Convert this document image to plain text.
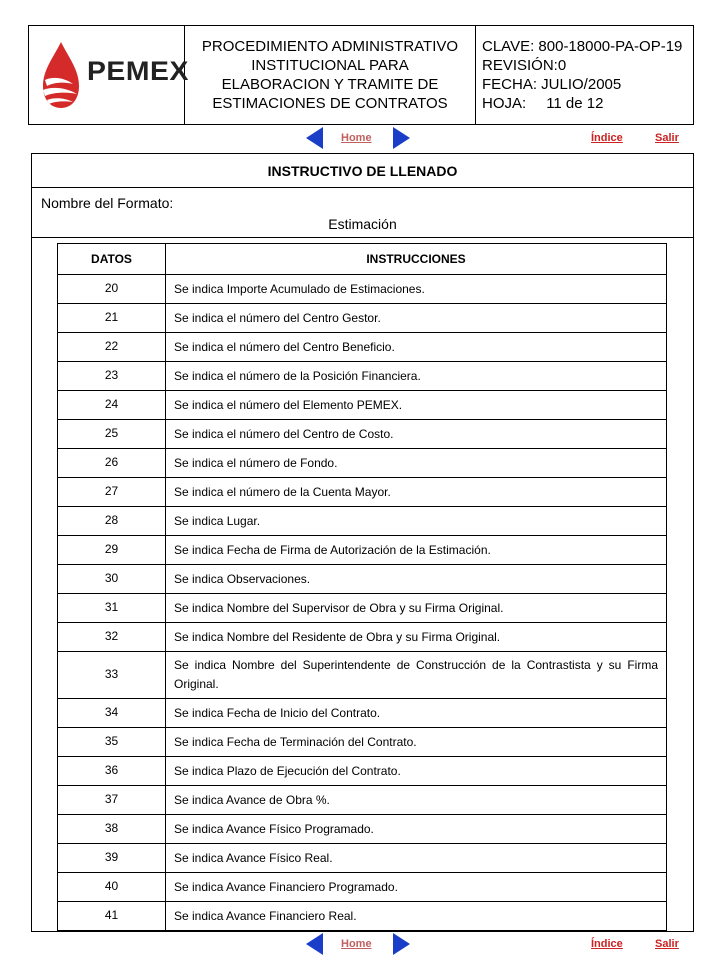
PEMEX
PROCEDIMIENTO ADMINISTRATIVO
INSTITUCIONAL PARA
ELABORACION Y TRAMITE DE
ESTIMACIONES DE CONTRATOS
CLAVE: 800-18000-PA-OP-19
REVISIÓN:0
FECHA: JULIO/2005
HOJA: 11 de 12
Home	Índice	Salir
INSTRUCTIVO DE LLENADO
Nombre del Formato:
Estimación
DATOS	INSTRUCCIONES
20	Se indica Importe Acumulado de Estimaciones.
21	Se indica el número del Centro Gestor.
22	Se indica el número del Centro Beneficio.
23	Se indica el número de la Posición Financiera.
24	Se indica el número del Elemento PEMEX.
25	Se indica el número del Centro de Costo.
26	Se indica el número de Fondo.
27	Se indica el número de la Cuenta Mayor.
28	Se indica Lugar.
29	Se indica Fecha de Firma de Autorización de la Estimación.
30	Se indica Observaciones.
31	Se indica Nombre del Supervisor de Obra y su Firma Original.
32	Se indica Nombre del Residente de Obra y su Firma Original.
33	Se indica Nombre del Superintendente de Construcción de la Contrastista y su Firma Original.
34	Se indica Fecha de Inicio del Contrato.
35	Se indica Fecha de Terminación del Contrato.
36	Se indica Plazo de Ejecución del Contrato.
37	Se indica Avance de Obra %.
38	Se indica Avance Físico Programado.
39	Se indica Avance Físico Real.
40	Se indica Avance Financiero Programado.
41	Se indica Avance Financiero Real.
Home	Índice	Salir
